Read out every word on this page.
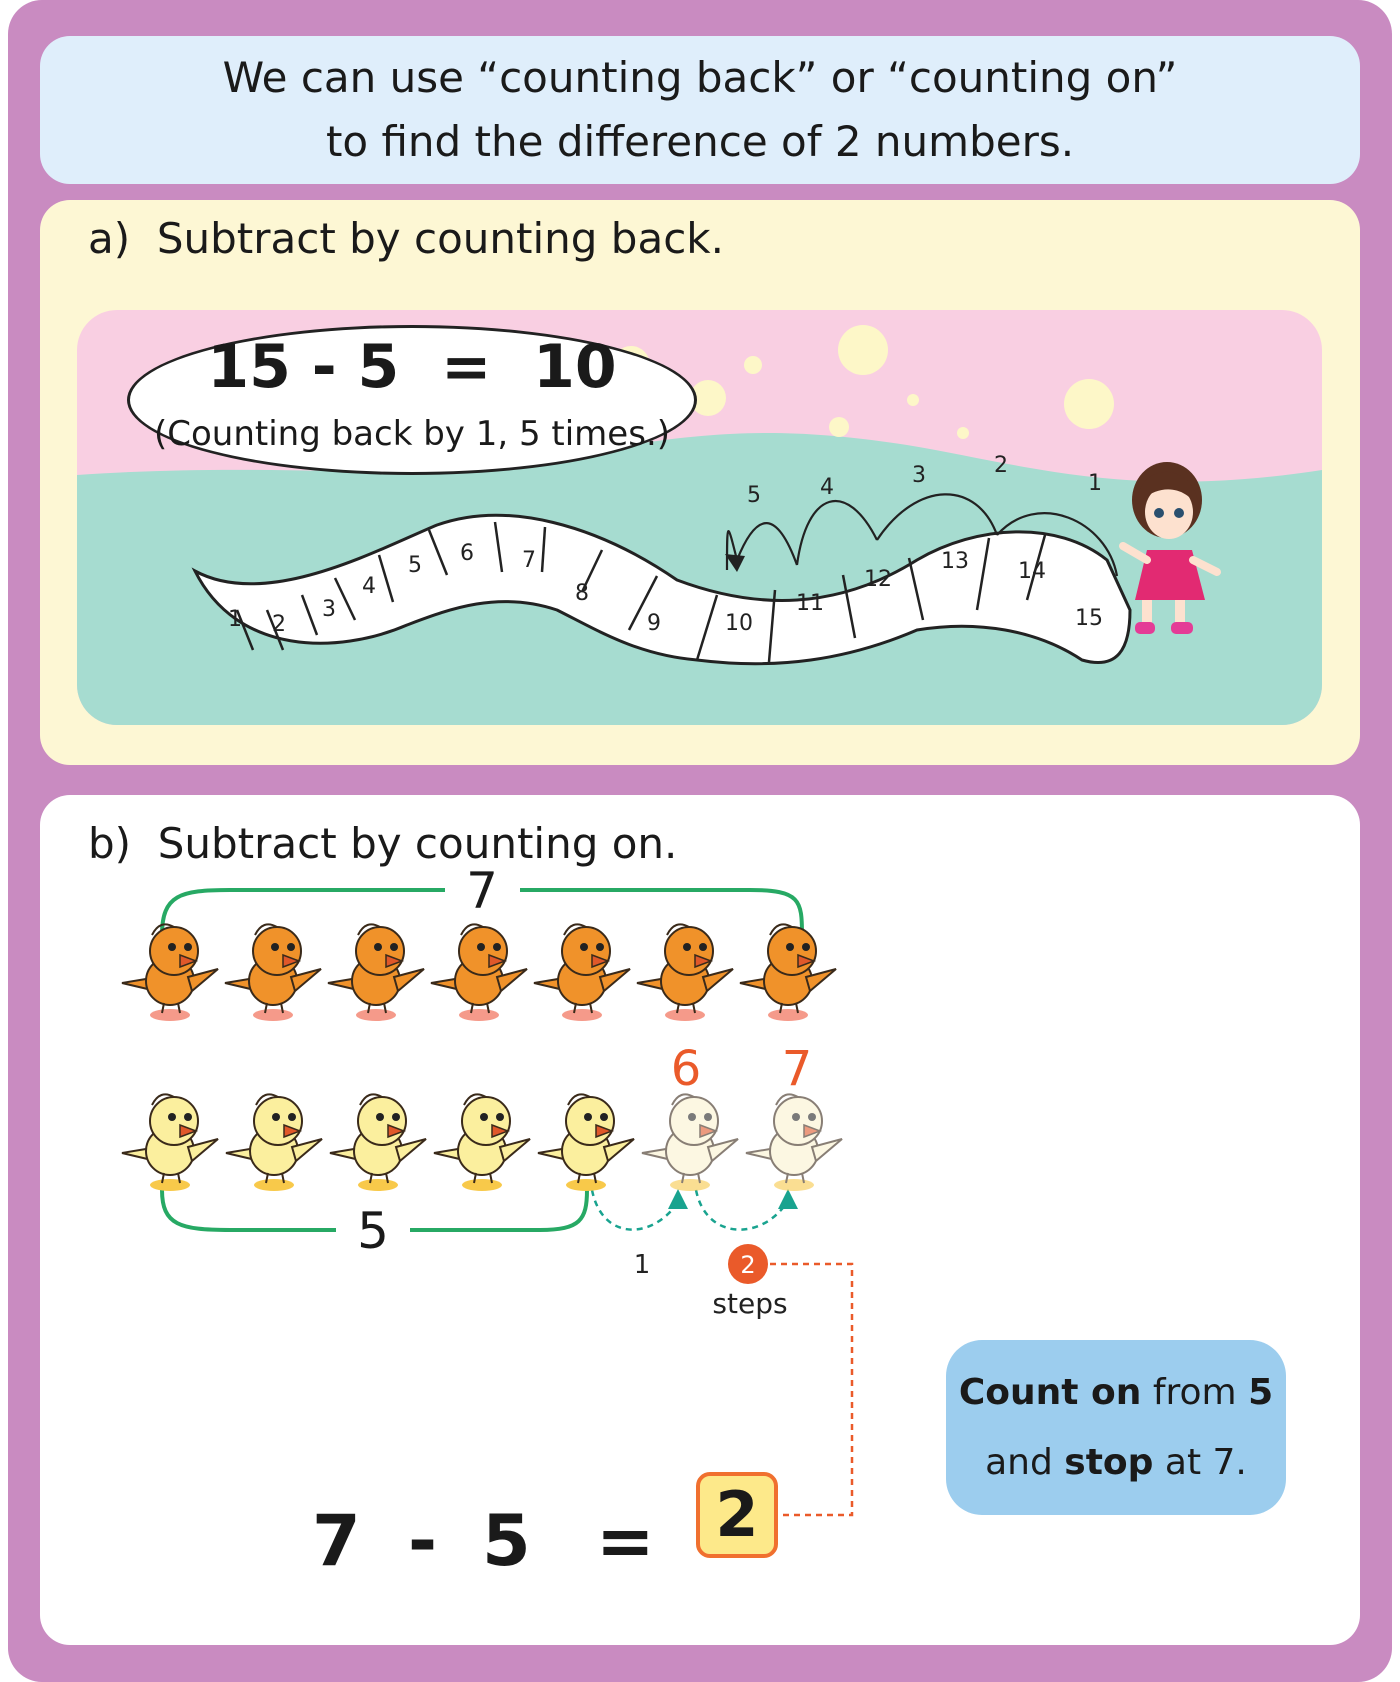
We can use “counting back” or “counting on”
to find the difference of 2 numbers.
a)  Subtract by counting back.
1 2
3
4
5 6 7
8
9	10
11
12
13 14
15
1
2
3
4
5
15 - 5  =  10
(Counting back by 1, 5 times.)
b)  Subtract by counting on.
7
5
6 7
1	2
steps
Count on from 5
and stop at 7.
7 - 5 = 2
